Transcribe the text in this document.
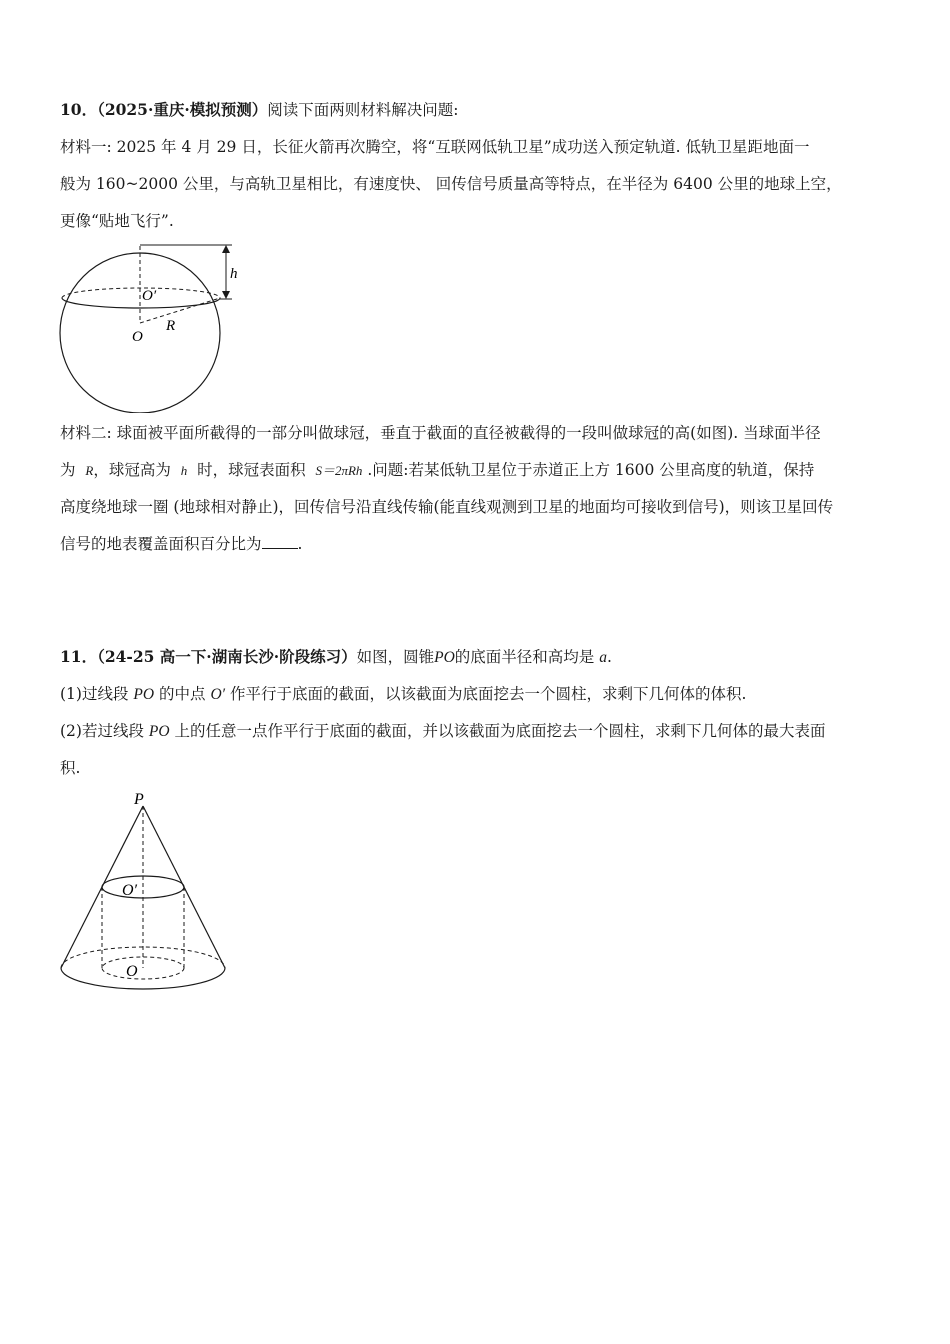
10．（2025·重庆·模拟预测）阅读下面两则材料解决问题:
材料一: 2025 年 4 月 29 日，长征火箭再次腾空，将“互联网低轨卫星”成功送入预定轨道. 低轨卫星距地面一
般为 160~2000 公里，与高轨卫星相比，有速度快、 回传信号质量高等特点，在半径为 6400 公里的地球上空，
更像“贴地飞行”.
h
O′
O
R
材料二: 球面被平面所截得的一部分叫做球冠，垂直于截面的直径被截得的一段叫做球冠的高(如图). 当球面半径
为 R，球冠高为 h 时，球冠表面积 S＝2πRh .问题:若某低轨卫星位于赤道正上方 1600 公里高度的轨道，保持
高度绕地球一圈 (地球相对静止)，回传信号沿直线传输(能直线观测到卫星的地面均可接收到信号)，则该卫星回传
信号的地表覆盖面积百分比为 .
11．（24-25 高一下·湖南长沙·阶段练习）如图，圆锥PO的底面半径和高均是 a.
(1)过线段 PO 的中点 O′ 作平行于底面的截面，以该截面为底面挖去一个圆柱，求剩下几何体的体积.
(2)若过线段 PO 上的任意一点作平行于底面的截面，并以该截面为底面挖去一个圆柱，求剩下几何体的最大表面
积.
P
O′
O
